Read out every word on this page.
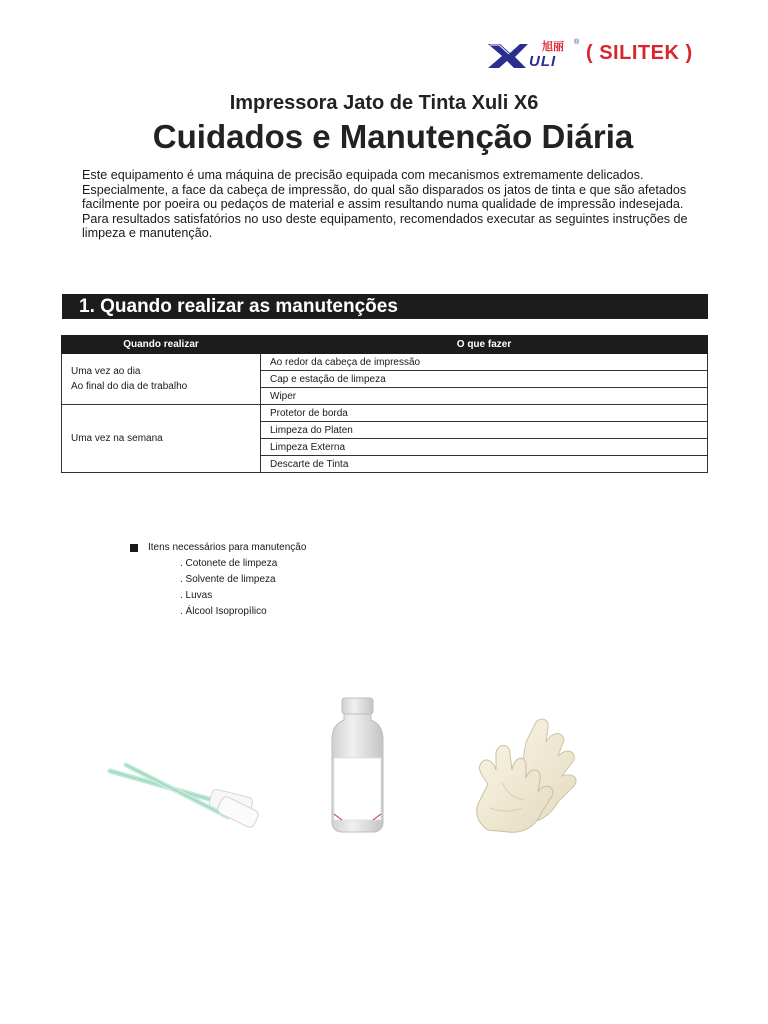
ULI
旭丽 ® ( SILITEK )
Impressora Jato de Tinta Xuli X6
Cuidados e Manutenção Diária

Este equipamento é uma máquina de precisão equipada com mecanismos extremamente delicados. Especialmente, a face da cabeça de impressão, do qual são disparados os jatos de tinta e que são afetados facilmente por poeira ou pedaços de material e assim resultando numa qualidade de impressão indesejada. Para resultados satisfatórios no uso deste equipamento, recomendados executar as seguintes instruções de limpeza e manutenção.

1. Quando realizar as manutenções
Quando realizar	O que fazer

Uma vez ao dia
Ao final do dia de trabalho	Ao redor da cabeça de impressão
	Cap e estação de limpeza
	Wiper

Uma vez na semana	Protetor de borda
	Limpeza do Platen
	Limpeza Externa
	Descarte de Tinta
Itens necessários para manutenção
. Cotonete de limpeza
. Solvente de limpeza
. Luvas
. Álcool Isopropílico
